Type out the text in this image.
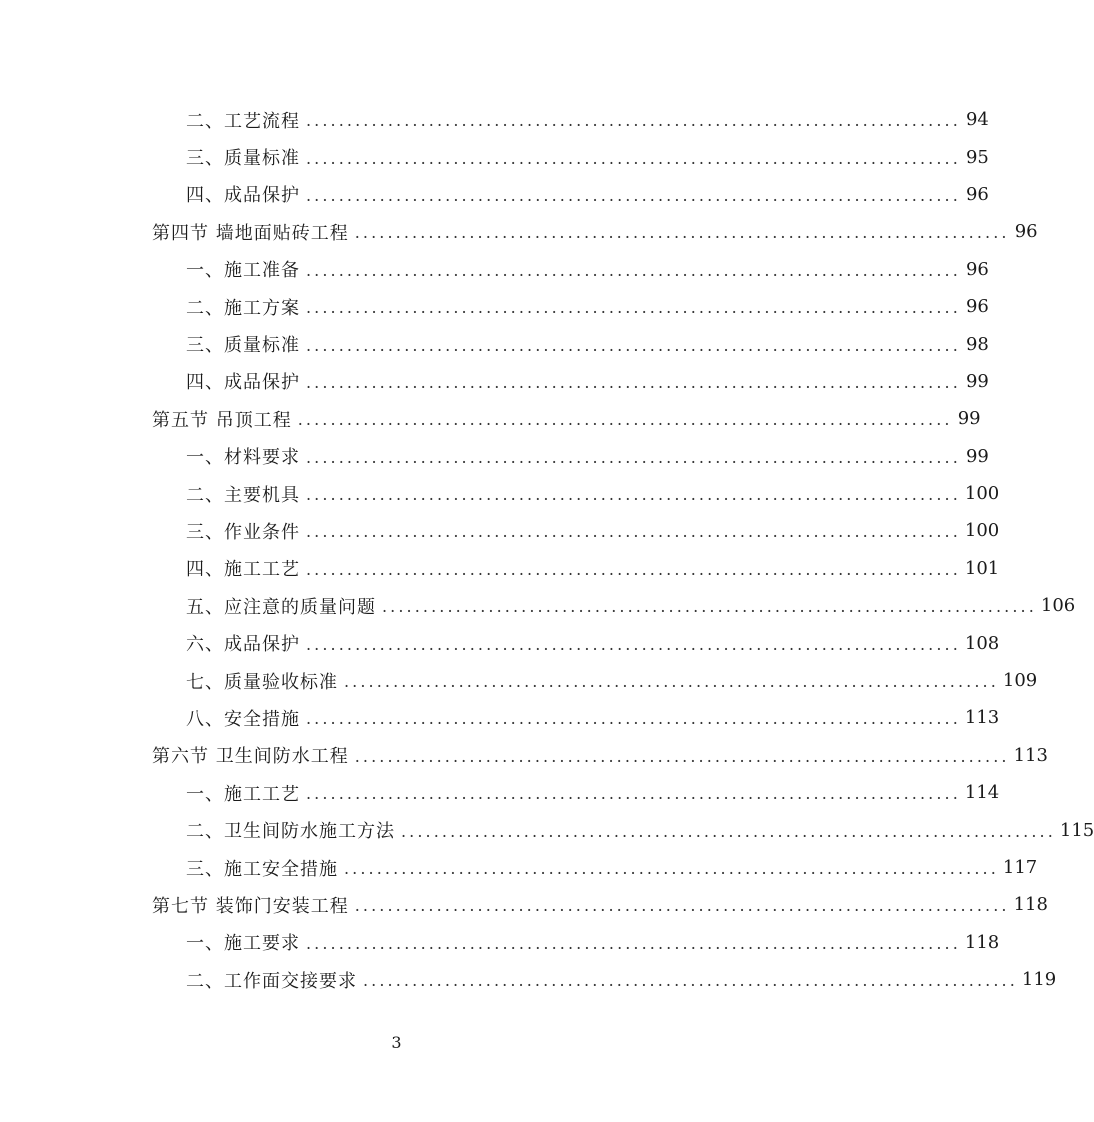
二、工艺流程 ................................................................................ 94
三、质量标准 ................................................................................ 95
四、成品保护 ................................................................................ 96
第四节 墙地面贴砖工程 ................................................................................ 96
一、施工准备 ................................................................................ 96
二、施工方案 ................................................................................ 96
三、质量标准 ................................................................................ 98
四、成品保护 ................................................................................ 99
第五节 吊顶工程 ................................................................................ 99
一、材料要求 ................................................................................ 99
二、主要机具 ................................................................................ 100
三、作业条件 ................................................................................ 100
四、施工工艺 ................................................................................ 101
五、应注意的质量问题 ................................................................................ 106
六、成品保护 ................................................................................ 108
七、质量验收标准 ................................................................................ 109
八、安全措施 ................................................................................ 113
第六节 卫生间防水工程 ................................................................................ 113
一、施工工艺 ................................................................................ 114
二、卫生间防水施工方法 ................................................................................ 115
三、施工安全措施 ................................................................................ 117
第七节 装饰门安装工程 ................................................................................ 118
一、施工要求 ................................................................................ 118
二、工作面交接要求 ................................................................................ 119
3
